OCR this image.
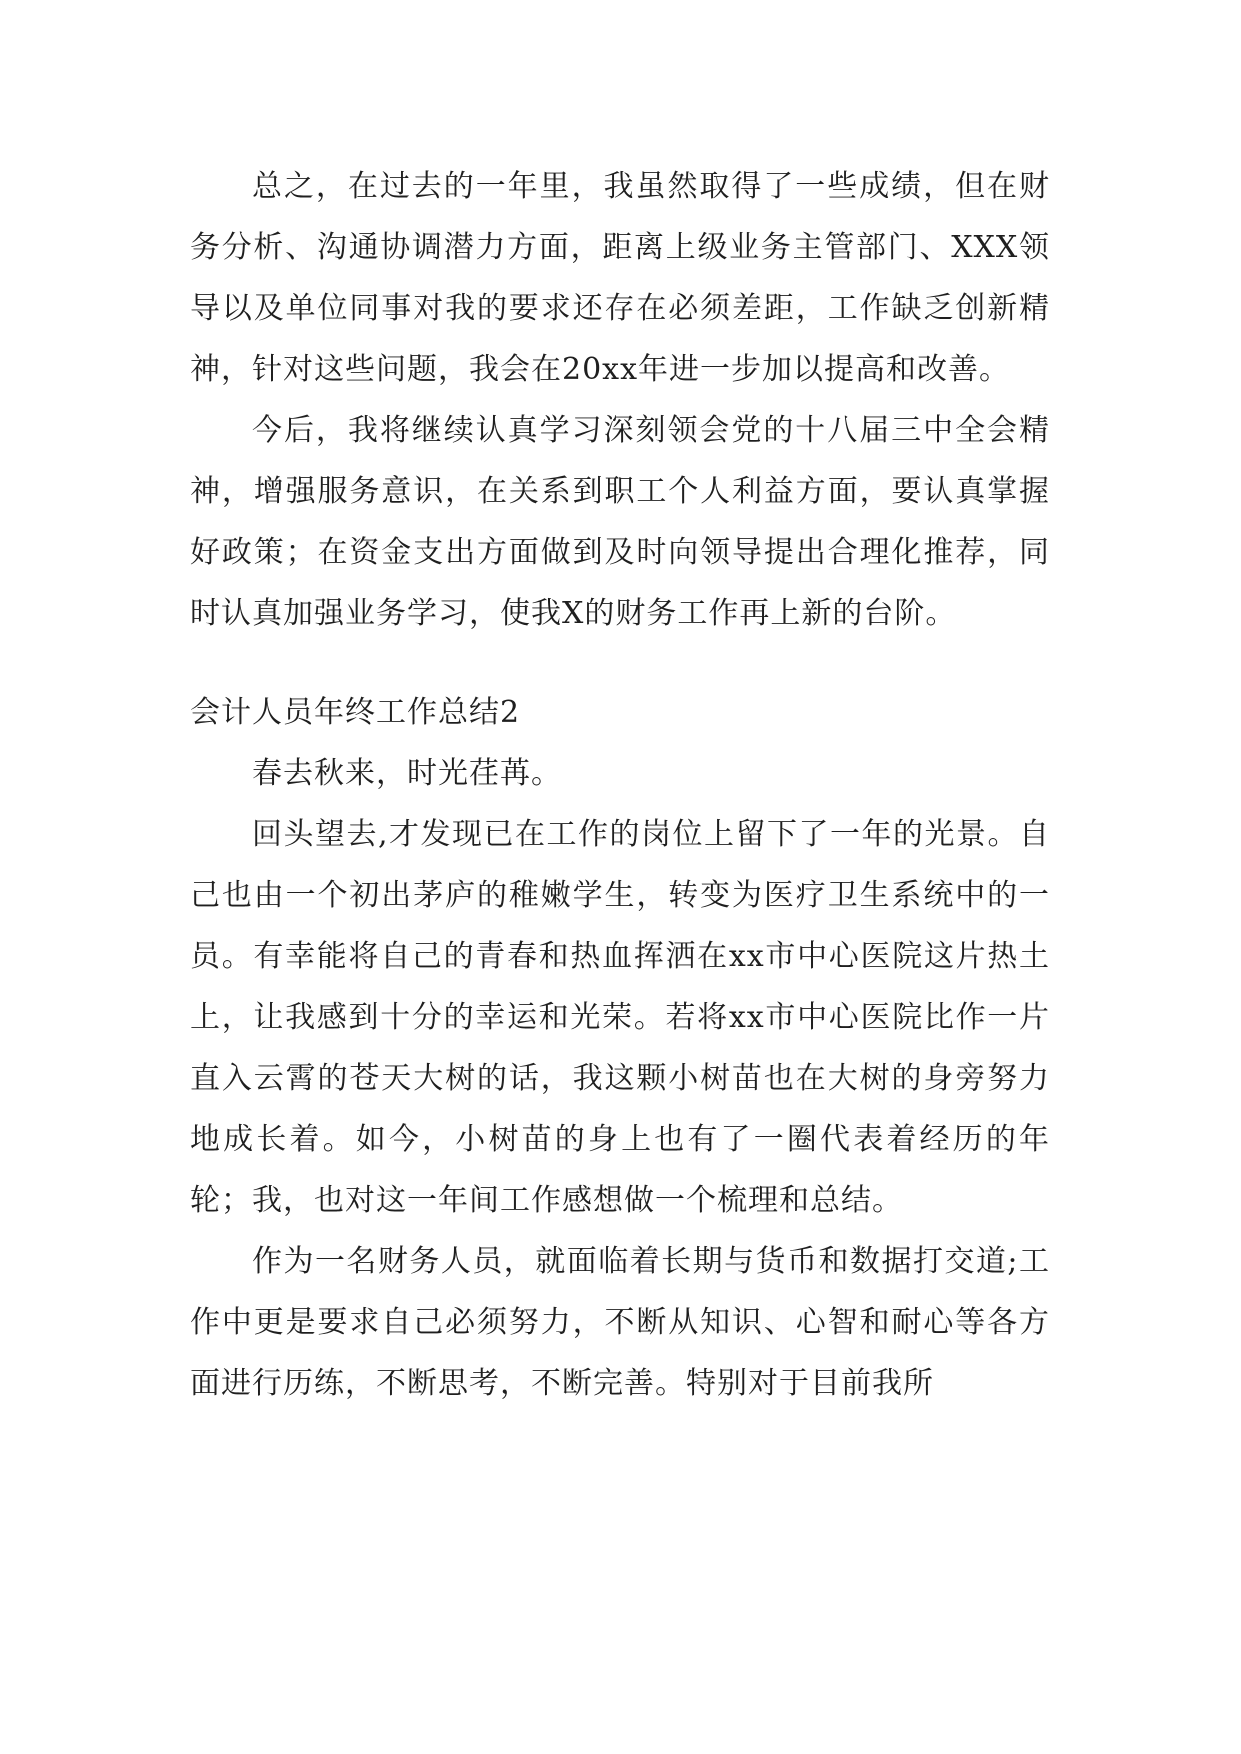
总之，在过去的一年里，我虽然取得了一些成绩，但在财务分析、沟通协调潜力方面，距离上级业务主管部门、XXX领导以及单位同事对我的要求还存在必须差距，工作缺乏创新精神，针对这些问题，我会在20xx年进一步加以提高和改善。

今后，我将继续认真学习深刻领会党的十八届三中全会精神，增强服务意识，在关系到职工个人利益方面，要认真掌握好政策；在资金支出方面做到及时向领导提出合理化推荐，同时认真加强业务学习，使我X的财务工作再上新的台阶。

会计人员年终工作总结2

春去秋来，时光荏苒。

回头望去,才发现已在工作的岗位上留下了一年的光景。自己也由一个初出茅庐的稚嫩学生，转变为医疗卫生系统中的一员。有幸能将自己的青春和热血挥洒在xx市中心医院这片热土上，让我感到十分的幸运和光荣。若将xx市中心医院比作一片直入云霄的苍天大树的话，我这颗小树苗也在大树的身旁努力地成长着。如今，小树苗的身上也有了一圈代表着经历的年轮；我，也对这一年间工作感想做一个梳理和总结。

作为一名财务人员，就面临着长期与货币和数据打交道;工作中更是要求自己必须努力，不断从知识、心智和耐心等各方面进行历练，不断思考，不断完善。特别对于目前我所
